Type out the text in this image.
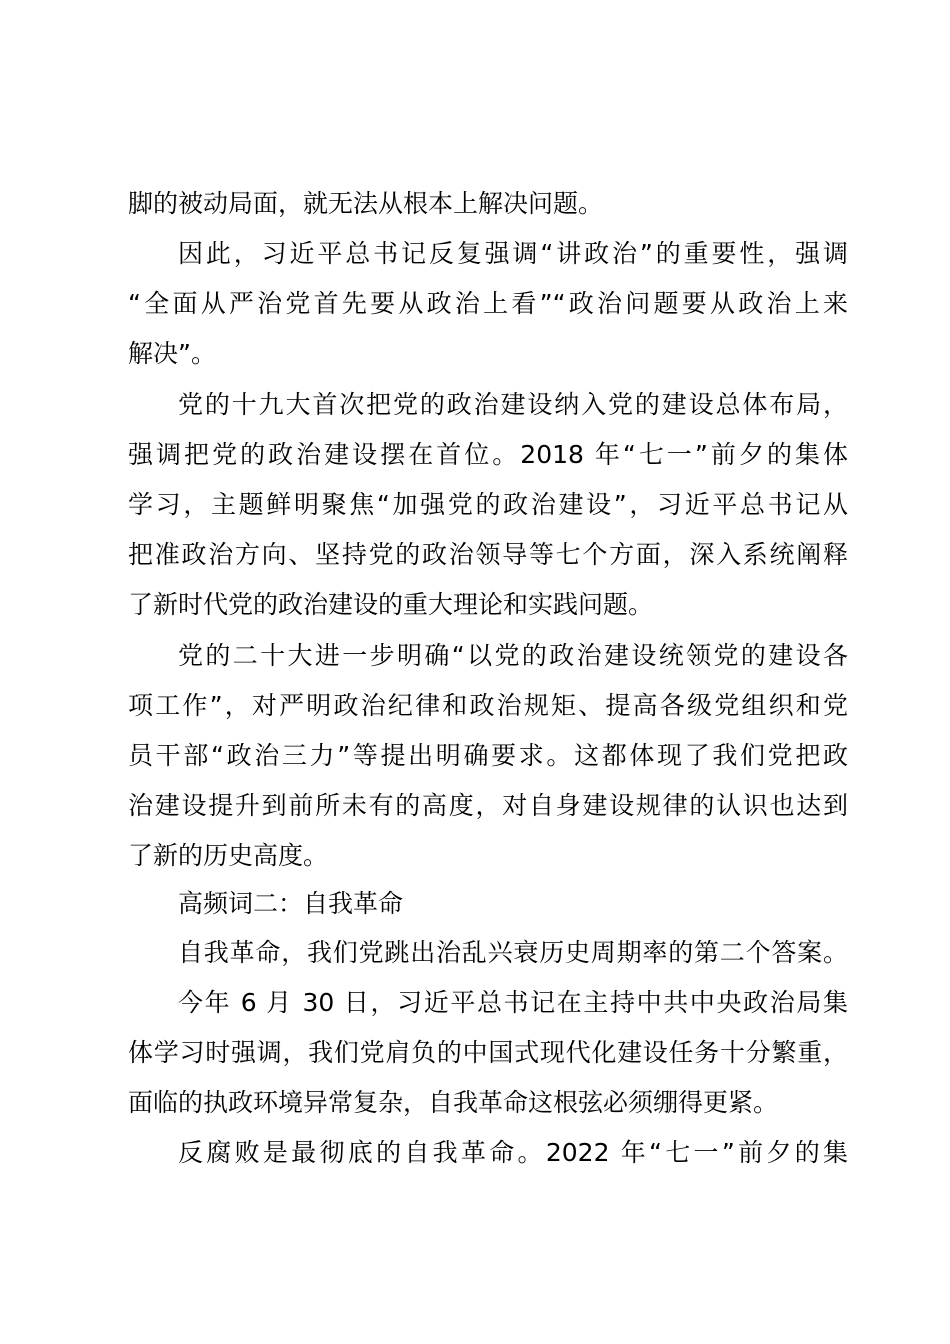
脚的被动局面，就无法从根本上解决问题。
因此，习近平总书记反复强调“讲政治”的重要性，强调
“全面从严治党首先要从政治上看”“政治问题要从政治上来
解决”。
党的十九大首次把党的政治建设纳入党的建设总体布局，
强调把党的政治建设摆在首位。2018 年“七一”前夕的集体
学习，主题鲜明聚焦“加强党的政治建设”，习近平总书记从
把准政治方向、坚持党的政治领导等七个方面，深入系统阐释
了新时代党的政治建设的重大理论和实践问题。
党的二十大进一步明确“以党的政治建设统领党的建设各
项工作”，对严明政治纪律和政治规矩、提高各级党组织和党
员干部“政治三力”等提出明确要求。这都体现了我们党把政
治建设提升到前所未有的高度，对自身建设规律的认识也达到
了新的历史高度。
高频词二：自我革命
自我革命，我们党跳出治乱兴衰历史周期率的第二个答案。
今年 6 月 30 日，习近平总书记在主持中共中央政治局集
体学习时强调，我们党肩负的中国式现代化建设任务十分繁重，
面临的执政环境异常复杂，自我革命这根弦必须绷得更紧。
反腐败是最彻底的自我革命。2022 年“七一”前夕的集
